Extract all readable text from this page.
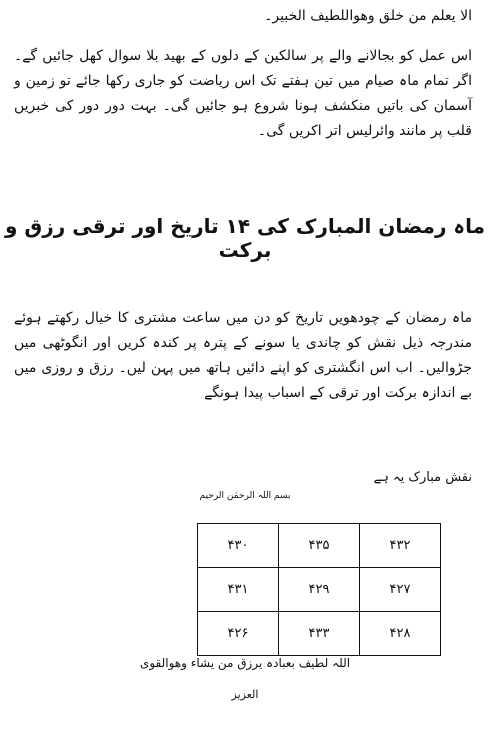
الا یعلم من خلق وھواللطیف الخبیر۔

اس عمل کو بجالانے والے پر سالکین کے دلوں کے بھید بلا سوال کھل جائیں گے۔ اگر تمام ماہ صیام میں تین ہفتے تک اس ریاضت کو جاری رکھا جائے تو زمین و آسمان کی باتیں منکشف ہونا شروع ہو جائیں گی۔ بہت دور دور کی خبریں قلب پر مانند وائرلیس اتر اکریں گی۔

ماہ رمضان المبارک کی ۱۴ تاریخ اور ترقی رزق و برکت

ماہ رمضان کے چودھویں تاریخ کو دن میں ساعت مشتری کا خیال رکھتے ہوئے مندرجہ ذیل نقش کو چاندی یا سونے کے پترہ پر کندہ کریں اور انگوٹھی میں جڑوالیں۔ اب اس انگشتری کو اپنے دائیں ہاتھ میں پہن لیں۔ رزق و روزی میں بے اندازہ برکت اور ترقی کے اسباب پیدا ہونگے

نقش مبارک یہ ہے

بسم اللہ الرحمٰن الرحیم
۴۳۲	۴۳۵	۴۳۰
۴۲۷	۴۲۹	۴۳۱
۴۲۸	۴۳۳	۴۲۶
اللہ لطیف بعبادہ یرزق من یشاء وھوالقوی
العزیز
